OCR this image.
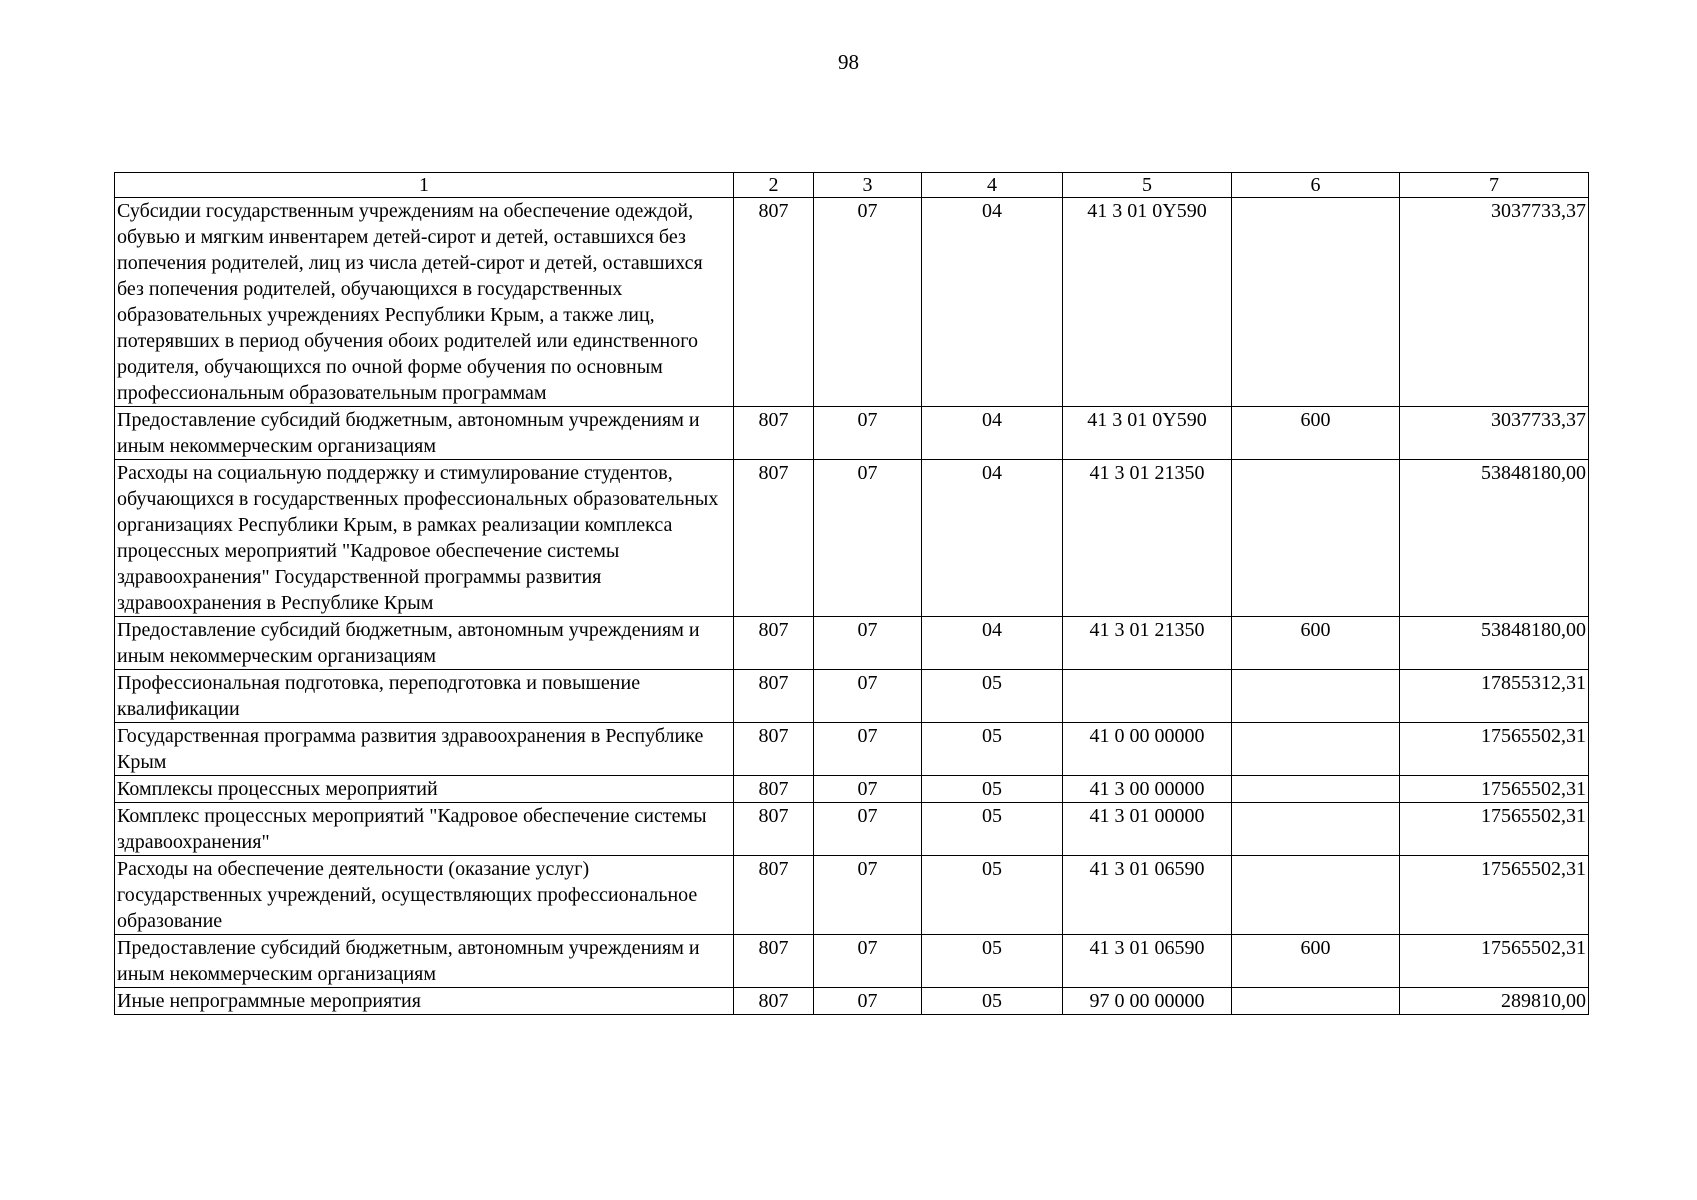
98
1	2	3	4	5	6	7
Субсидии государственным учреждениям на обеспечение одеждой, обувью и мягким инвентарем детей-сирот и детей, оставшихся без попечения родителей, лиц из числа детей-сирот и детей, оставшихся без попечения родителей, обучающихся в государственных образовательных учреждениях Республики Крым, а также лиц, потерявших в период обучения обоих родителей или единственного родителя, обучающихся по очной форме обучения по основным профессиональным образовательным программам	807	07	04	41 3 01 0Y590		3037733,37
Предоставление субсидий бюджетным, автономным учреждениям и иным некоммерческим организациям	807	07	04	41 3 01 0Y590	600	3037733,37
Расходы на социальную поддержку и стимулирование студентов, обучающихся в государственных профессиональных образовательных организациях Республики Крым, в рамках реализации комплекса процессных мероприятий "Кадровое обеспечение системы здравоохранения" Государственной программы развития здравоохранения в Республике Крым	807	07	04	41 3 01 21350		53848180,00
Предоставление субсидий бюджетным, автономным учреждениям и иным некоммерческим организациям	807	07	04	41 3 01 21350	600	53848180,00
Профессиональная подготовка, переподготовка и повышение квалификации	807	07	05			17855312,31
Государственная программа развития здравоохранения в Республике Крым	807	07	05	41 0 00 00000		17565502,31
Комплексы процессных мероприятий	807	07	05	41 3 00 00000		17565502,31
Комплекс процессных мероприятий "Кадровое обеспечение системы здравоохранения"	807	07	05	41 3 01 00000		17565502,31
Расходы на обеспечение деятельности (оказание услуг) государственных учреждений, осуществляющих профессиональное образование	807	07	05	41 3 01 06590		17565502,31
Предоставление субсидий бюджетным, автономным учреждениям и иным некоммерческим организациям	807	07	05	41 3 01 06590	600	17565502,31
Иные непрограммные мероприятия	807	07	05	97 0 00 00000		289810,00
